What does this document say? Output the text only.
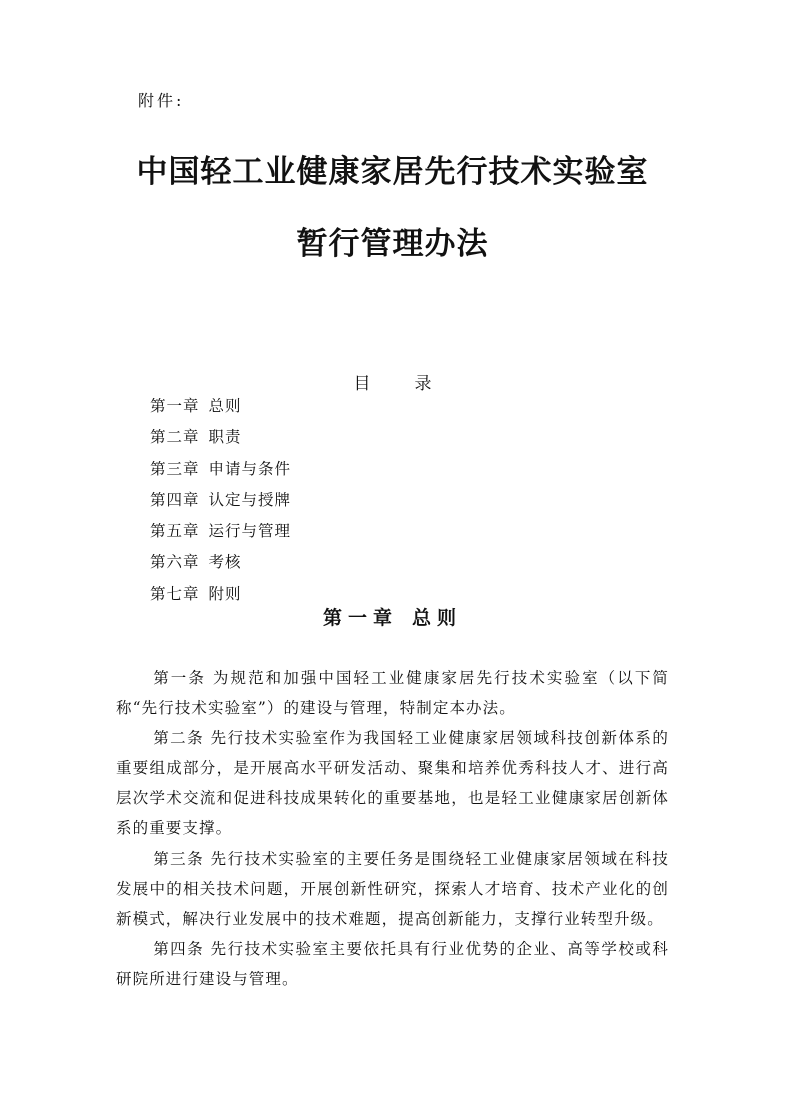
附件:
中国轻工业健康家居先行技术实验室
暂行管理办法
目	录
第一章 总则
第二章 职责
第三章 申请与条件
第四章 认定与授牌
第五章 运行与管理
第六章 考核
第七章 附则
第一章 总则

第一条 为规范和加强中国轻工业健康家居先行技术实验室（以下简称“先行技术实验室”）的建设与管理，特制定本办法。

第二条 先行技术实验室作为我国轻工业健康家居领域科技创新体系的重要组成部分，是开展高水平研发活动、聚集和培养优秀科技人才、进行高层次学术交流和促进科技成果转化的重要基地，也是轻工业健康家居创新体系的重要支撑。

第三条 先行技术实验室的主要任务是围绕轻工业健康家居领域在科技发展中的相关技术问题，开展创新性研究，探索人才培育、技术产业化的创新模式，解决行业发展中的技术难题，提高创新能力，支撑行业转型升级。

第四条 先行技术实验室主要依托具有行业优势的企业、高等学校或科研院所进行建设与管理。
